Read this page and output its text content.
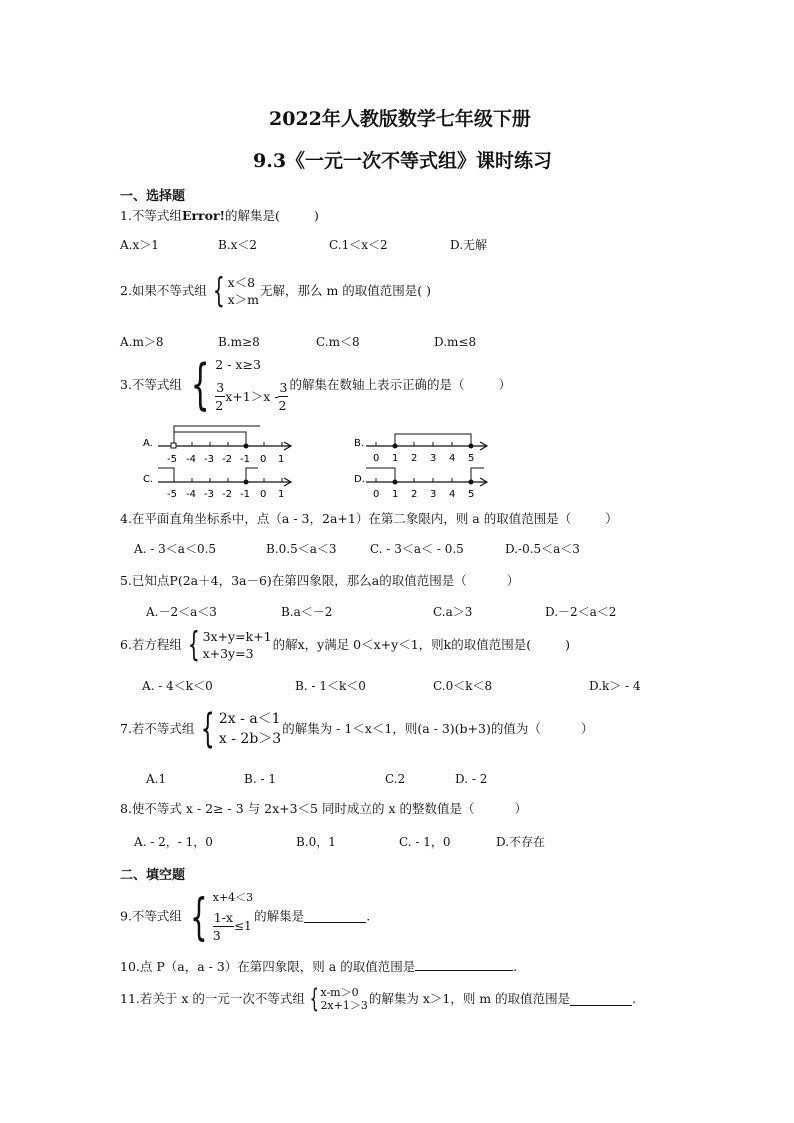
2022年人教版数学七年级下册
9.3《一元一次不等式组》课时练习
一、选择题
1.不等式组Error!的解集是(	)
A.x＞1	B.x＜2	C.1＜x＜2	D.无解
2.如果不等式组 { x＜8
x＞m
无解，那么 m 的取值范围是( )
A.m＞8	B.m≥8	C.m＜8	D.m≤8
3.不等式组 { 2 - x≥3
$\frac{3}{2} x+1>x - \frac{3}{2}$ 的解集在数轴上表示正确的是（	）
A.
-5 -4 -3 -2 -1 0 1
B.
0 1 2 3 4 5
C.
-5 -4 -3 -2 -1 0 1
D.
0 1 2 3 4 5
4.在平面直角坐标系中，点（a - 3，2a+1）在第二象限内，则 a 的取值范围是（	）
A. - 3＜a＜0.5	B.0.5＜a＜3	C. - 3＜a＜ - 0.5	D.-0.5＜a＜3
5.已知点P(2a＋4，3a－6)在第四象限，那么a的取值范围是（	）
A.－2＜a＜3	B.a＜－2	C.a＞3	D.－2＜a＜2
6.若方程组 { 3x+y=k+1
x+3y=3
的解x，y满足 0＜x+y＜1，则k的取值范围是(	)
A. - 4＜k＜0	B. - 1＜k＜0	C.0＜k＜8	D.k＞ - 4
7.若不等式组 { 2x - a＜1
x - 2b＞3
的解集为 - 1＜x＜1，则(a - 3)(b+3)的值为（	）
A.1	B. - 1	C.2	D. - 2
8.使不等式 x - 2≥ - 3 与 2x+3＜5 同时成立的 x 的整数值是（	）
A. - 2，- 1，0	B.0，1	C. - 1，0	D.不存在
二、填空题
9.不等式组 { x+4＜3
$\frac{1-x}{3} \le 1$
的解集是	.
10.点 P（a，a - 3）在第四象限，则 a 的取值范围是	.
11.若关于 x 的一元一次不等式组 { x-m＞0
2x+1＞3 的解集为 x＞1，则 m 的取值范围是	.
